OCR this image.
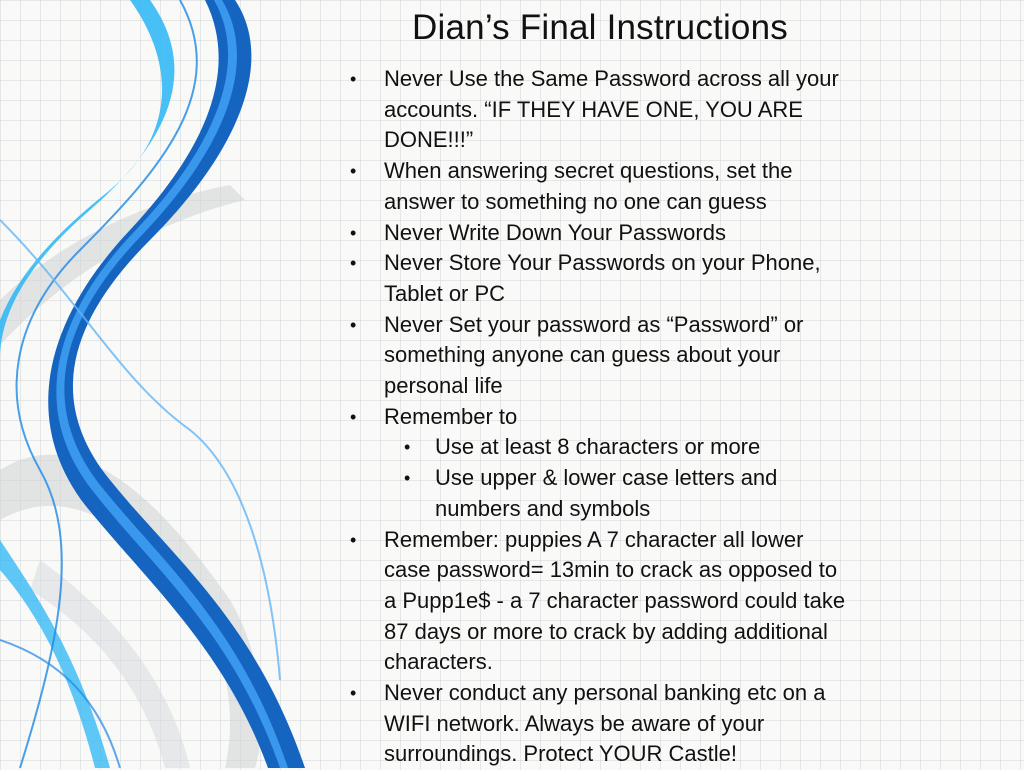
Dian’s Final Instructions
• Never Use the Same Password across all your accounts. “IF THEY HAVE ONE, YOU ARE DONE!!!”
• When answering secret questions, set the answer to something no one can guess
• Never Write Down Your Passwords
• Never Store Your Passwords on your Phone, Tablet or PC
• Never Set your password as “Password” or something anyone can guess about your personal life
• Remember to
• Use at least 8 characters or more
• Use upper & lower case letters and numbers and symbols
• Remember: puppies A 7 character all lower case password= 13min to crack as opposed to a Pupp1e$ - a 7 character password could take 87 days or more to crack by adding additional characters.
• Never conduct any personal banking etc on a WIFI network. Always be aware of your surroundings. Protect YOUR Castle!
